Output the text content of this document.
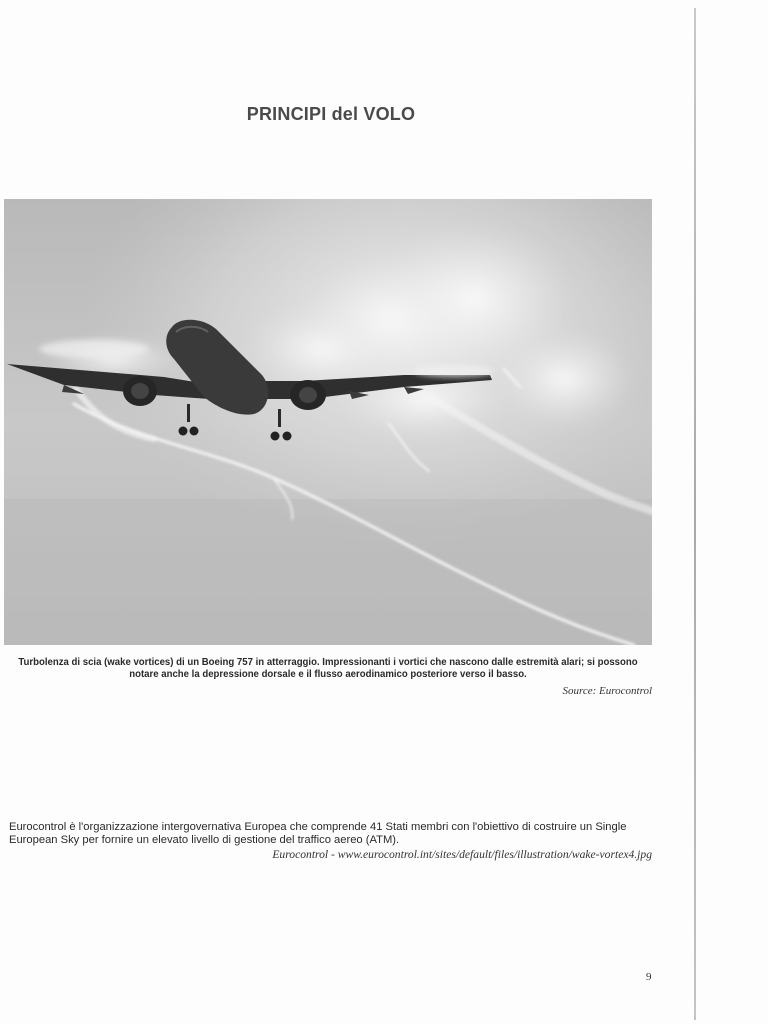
PRINCIPI del VOLO

Turbolenza di scia (wake vortices) di un Boeing 757 in atterraggio. Impressionanti i vortici che nascono dalle estremità alari; si possono
notare anche la depressione dorsale e il flusso aerodinamico posteriore verso il basso.

Source: Eurocontrol

Eurocontrol è l'organizzazione intergovernativa Europea che comprende 41 Stati membri con l'obiettivo di costruire un Single European Sky per fornire un elevato livello di gestione del traffico aereo (ATM).

Eurocontrol - www.eurocontrol.int/sites/default/files/illustration/wake-vortex4.jpg
9
